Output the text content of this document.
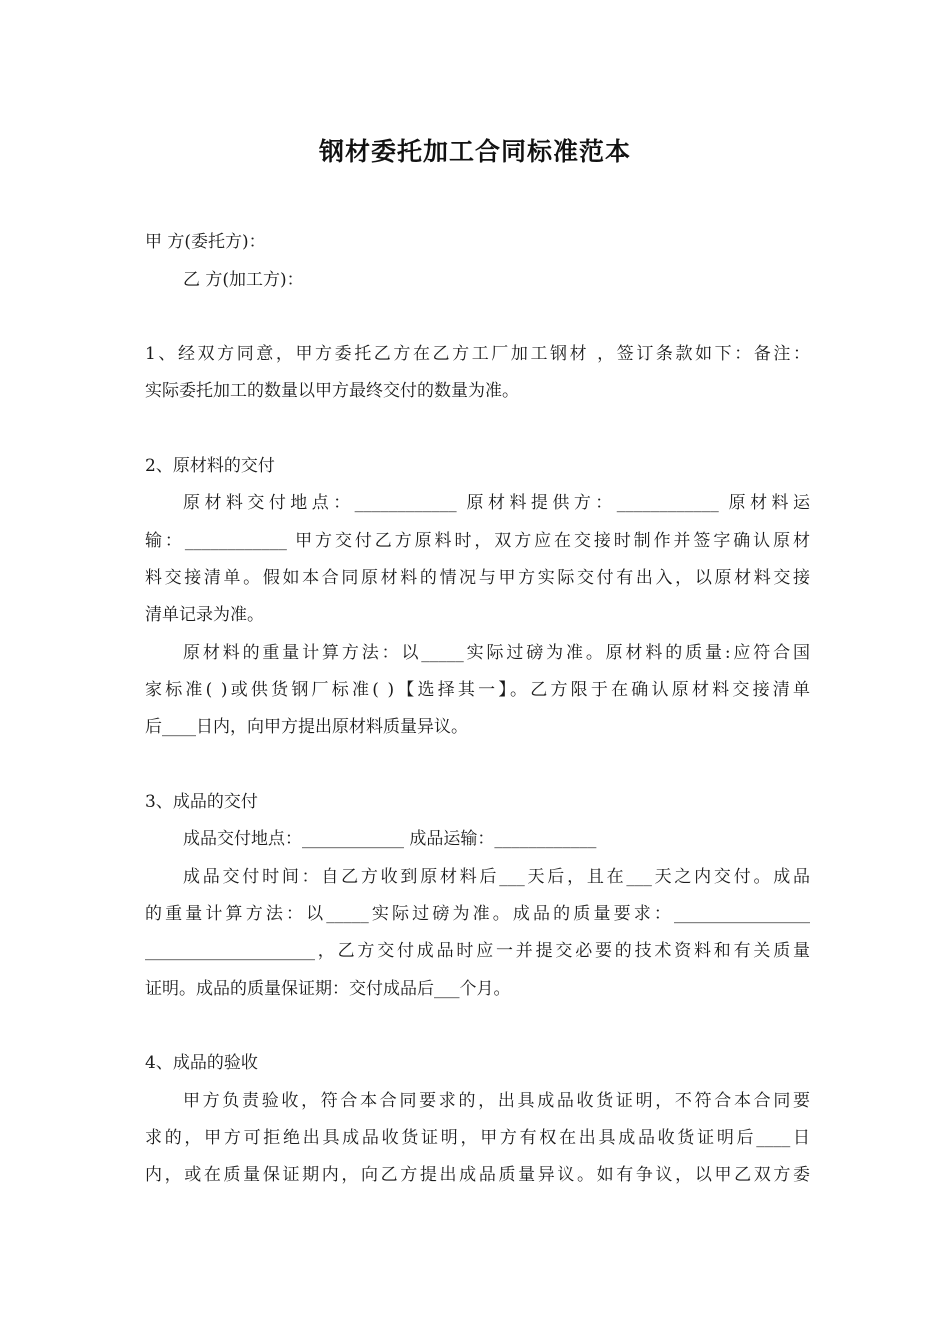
钢材委托加工合同标准范本
甲 方(委托方)：
乙 方(加工方)：
1、经双方同意，甲方委托乙方在乙方工厂加工钢材 ，签订条款如下：备注：
实际委托加工的数量以甲方最终交付的数量为准。
2、原材料的交付
原材料交付地点：____________ 原材料提供方：____________ 原材料运
输：____________ 甲方交付乙方原料时，双方应在交接时制作并签字确认原材
料交接清单。假如本合同原材料的情况与甲方实际交付有出入，以原材料交接
清单记录为准。
原材料的重量计算方法：以_____实际过磅为准。原材料的质量:应符合国
家标准( )或供货钢厂标准( )【选择其一】。乙方限于在确认原材料交接清单
后____日内，向甲方提出原材料质量异议。
3、成品的交付
成品交付地点：____________ 成品运输：____________
成品交付时间：自乙方收到原材料后___天后，且在___天之内交付。成品
的重量计算方法：以_____实际过磅为准。成品的质量要求：________________
____________________，乙方交付成品时应一并提交必要的技术资料和有关质量
证明。成品的质量保证期：交付成品后___个月。
4、成品的验收
甲方负责验收，符合本合同要求的，出具成品收货证明，不符合本合同要
求的，甲方可拒绝出具成品收货证明，甲方有权在出具成品收货证明后____日
内，或在质量保证期内，向乙方提出成品质量异议。如有争议，以甲乙双方委
